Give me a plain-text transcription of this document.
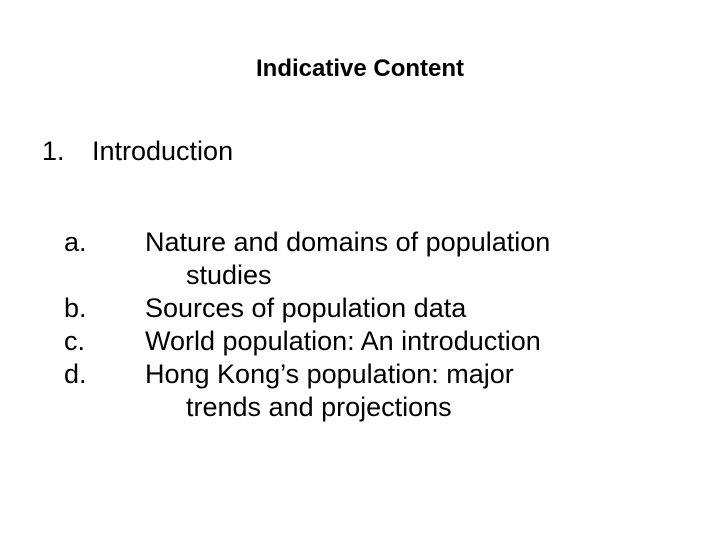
Indicative Content
1. Introduction
a. Nature and domains of population
studies
b. Sources of population data
c. World population: An introduction
d. Hong Kong’s population: major
trends and projections
